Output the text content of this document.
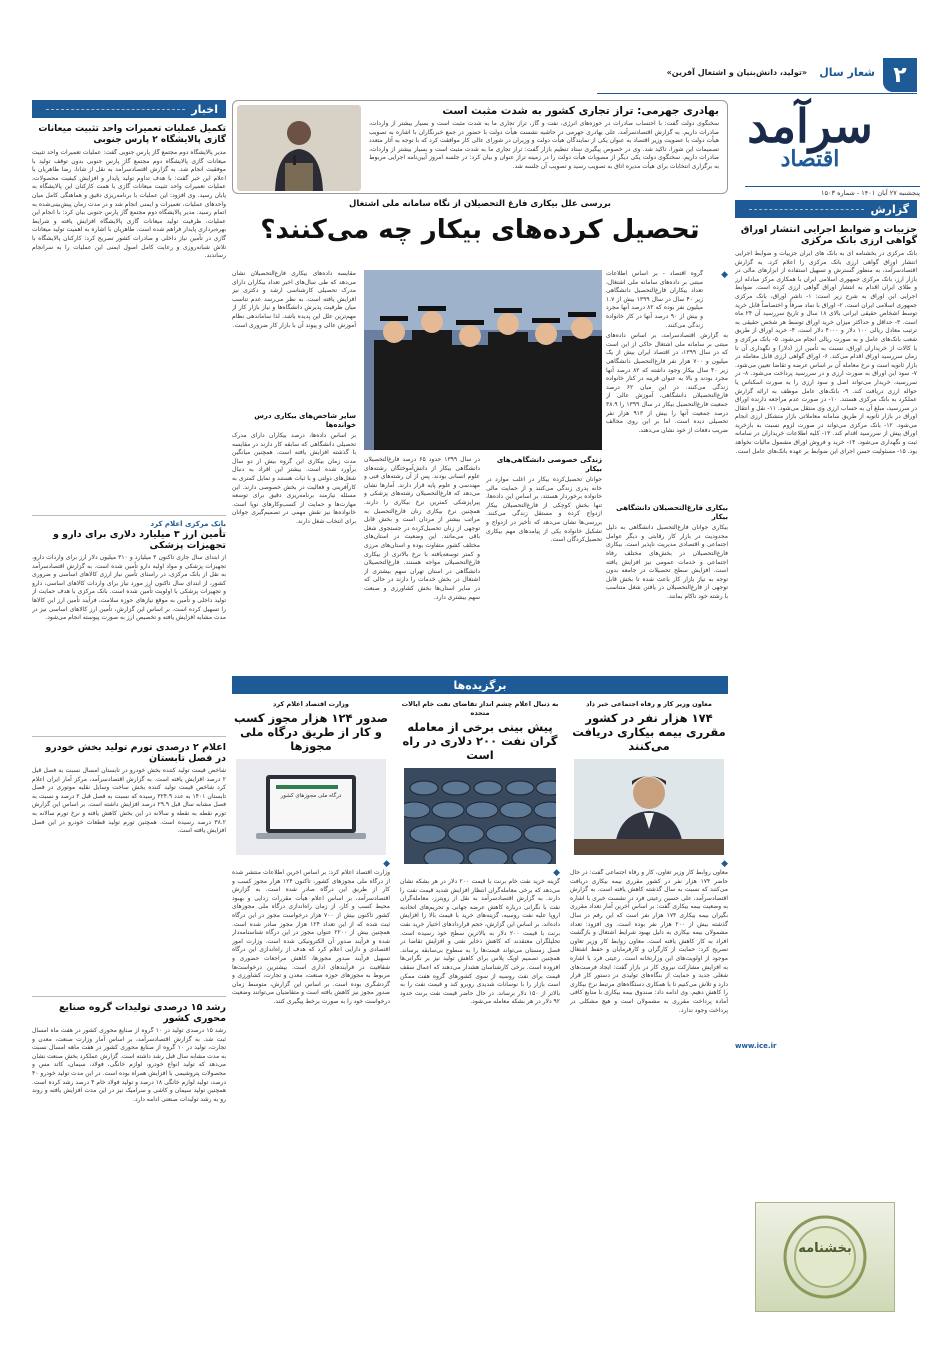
۲
شعار سال
«تولید، دانش‌بنیان و اشتغال آفرین»
سرآمد
اقتصاد
پنجشنبه ۲۷ آبان ۱۴۰۱ - شماره ۱۵۰۳
بهادری جهرمی: تراز تجاری کشور به شدت مثبت است
سخنگوی دولت گفت: با احتساب صادرات در حوزه‌های انرژی، نفت و گاز، تراز تجاری ما به شدت مثبت است و بسیار بیشتر از واردات، صادرات داریم. به گزارش اقتصادسرآمد، علی بهادری جهرمی در حاشیه نشست هیأت دولت با حضور در جمع خبرنگاران با اشاره به تصویب هیأت دولت با عضویت وزیر اقتصاد به عنوان یکی از نمایندگان هیأت دولت و وزیران در شورای عالی کار موافقت کرد که با توجه به آثار متعدد تصمیمات این شورا، تاکید شد. وی در خصوص پیگیری ستاد تنظیم بازار گفت: تراز تجاری ما به شدت مثبت است و بسیار بیشتر از واردات، صادرات داریم. سخنگوی دولت یکی دیگر از مصوبات هیأت دولت را در زمینه تراز عنوان و بیان کرد: در جلسه امروز آیین‌نامه اجرایی مربوط به برگزاری انتخابات برای هیأت مدیره اتاق به تصویب رسید و تصویب آن جلسه شد.
اخبار
تکمیل عملیات تعمیرات واحد تثبیت میعانات گازی پالایشگاه ۲ پارس جنوبی
مدیر پالایشگاه دوم مجتمع گاز پارس جنوبی گفت: عملیات تعمیرات واحد تثبیت میعانات گازی پالایشگاه دوم مجتمع گاز پارس جنوبی بدون توقف تولید با موفقیت انجام شد. به گزارش اقتصادسرآمد به نقل از شانا، رضا طاهریان با اعلام این خبر گفت: با هدف تداوم تولید پایدار و افزایش کیفیت محصولات، عملیات تعمیرات واحد تثبیت میعانات گازی با همت کارکنان این پالایشگاه به پایان رسید. وی افزود: این عملیات با برنامه‌ریزی دقیق و هماهنگی کامل میان واحدهای عملیات، تعمیرات و ایمنی انجام شد و در مدت زمان پیش‌بینی‌شده به اتمام رسید. مدیر پالایشگاه دوم مجتمع گاز پارس جنوبی بیان کرد: با انجام این عملیات، ظرفیت تولید میعانات گازی پالایشگاه افزایش یافته و شرایط بهره‌برداری پایدار فراهم شده است. طاهریان با اشاره به اهمیت تولید میعانات گازی در تأمین نیاز داخلی و صادرات کشور تصریح کرد: کارکنان پالایشگاه با تلاش شبانه‌روزی و رعایت کامل اصول ایمنی این عملیات را به سرانجام رساندند.
بانک مرکزی اعلام کرد
تأمین ارز ۳ میلیارد دلاری برای دارو و تجهیزات پزشکی
از ابتدای سال جاری تاکنون ۳ میلیارد و ۳۱۰ میلیون دلار ارز برای واردات دارو، تجهیزات پزشکی و مواد اولیه دارو تأمین شده است. به گزارش اقتصادسرآمد به نقل از بانک مرکزی، در راستای تأمین نیاز ارزی کالاهای اساسی و ضروری کشور، از ابتدای سال تاکنون ارز مورد نیاز برای واردات کالاهای اساسی، دارو و تجهیزات پزشکی با اولویت تأمین شده است. بانک مرکزی با هدف حمایت از تولید داخلی و تأمین به موقع نیازهای حوزه سلامت، فرآیند تأمین ارز این کالاها را تسهیل کرده است. بر اساس این گزارش، تأمین ارز کالاهای اساسی نیز در مدت مشابه افزایش یافته و تخصیص ارز به صورت پیوسته انجام می‌شود.
اعلام ۲ درصدی تورم تولید بخش خودرو در فصل تابستان
شاخص قیمت تولید کننده بخش خودرو در تابستان امسال نسبت به فصل قبل ۲ درصد افزایش یافته است. به گزارش اقتصادسرآمد، مرکز آمار ایران اعلام کرد شاخص قیمت تولید کننده بخش ساخت وسایل نقلیه موتوری در فصل تابستان ۱۴۰۱ به عدد ۳۲۴.۹ رسیده که نسبت به فصل قبل ۲ درصد و نسبت به فصل مشابه سال قبل ۲۹.۹ درصد افزایش داشته است. بر اساس این گزارش تورم نقطه به نقطه و سالانه در این بخش کاهش یافته و نرخ تورم سالانه به ۳۸.۲ درصد رسیده است. همچنین تورم تولید قطعات خودرو در این فصل افزایش یافته است.
رشد ۱۵ درصدی تولیدات گروه صنایع محوری کشور
رشد ۱۵ درصدی تولید در ۱۰ گروه از صنایع محوری کشور در هفت ماه امسال ثبت شد. به گزارش اقتصادسرآمد، بر اساس آمار وزارت صنعت، معدن و تجارت، تولید در ۱۰ گروه از صنایع محوری کشور در هفت ماهه امسال نسبت به مدت مشابه سال قبل رشد داشته است. گزارش عملکرد بخش صنعت نشان می‌دهد که تولید انواع خودرو، لوازم خانگی، فولاد، سیمان، کاتد مس و محصولات پتروشیمی با افزایش همراه بوده است. در این مدت تولید خودرو ۴۰ درصد، تولید لوازم خانگی ۱۸ درصد و تولید فولاد خام ۴ درصد رشد کرده است. همچنین تولید سیمان و کاشی و سرامیک نیز در این مدت افزایش یافته و روند رو به رشد تولیدات صنعتی ادامه دارد.
گزارش
جزییات و ضوابط اجرایی انتشار اوراق گواهی ارزی بانک مرکزی
بانک مرکزی در بخشنامه ای به بانک های ایران جزییات و ضوابط اجرایی انتشار اوراق گواهی ارزی بانک مرکزی را اعلام کرد. به گزارش اقتصادسرآمد، به منظور گسترش و تسهیل استفاده از ابزارهای مالی در بازار ارز، بانک مرکزی جمهوری اسلامی ایران با همکاری مرکز مبادله ارز و طلای ایران اقدام به انتشار اوراق گواهی ارزی کرده است. ضوابط اجرایی این اوراق به شرح زیر است: ۱- ناشر اوراق، بانک مرکزی جمهوری اسلامی ایران است. ۲- اوراق با نماد صرفاً و اختصاصاً قابل خرید توسط اشخاص حقیقی ایرانی بالای ۱۸ سال و تاریخ سررسید آن ۲۴ ماه است. ۳- حداقل و حداکثر میزان خرید اوراق توسط هر شخص حقیقی به ترتیب معادل ریالی ۱۰۰ دلار و ۴۰۰۰ دلار است. ۴- خرید اوراق از طریق شعب بانک‌های عامل و به صورت ریالی انجام می‌شود. ۵- بانک مرکزی و یا کالات از خریداران اوراق، نسبت به تأمین ارز (دلار) و نگهداری آن تا زمان سررسید اوراق اقدام می‌کند. ۶- اوراق گواهی ارزی قابل معامله در بازار ثانویه است و نرخ معامله آن بر اساس عرضه و تقاضا تعیین می‌شود. ۷- سود این اوراق به صورت ارزی و در سررسید پرداخت می‌شود. ۸- در سررسید، خریدار می‌تواند اصل و سود ارزی را به صورت اسکناس یا حواله ارزی دریافت کند. ۹- بانک‌های عامل موظف به ارائه گزارش عملکرد به بانک مرکزی هستند. ۱۰- در صورت عدم مراجعه دارنده اوراق در سررسید، مبلغ آن به حساب ارزی وی منتقل می‌شود. ۱۱- نقل و انتقال اوراق در بازار ثانویه از طریق سامانه معاملاتی بازار متشکل ارزی انجام می‌شود. ۱۲- بانک مرکزی می‌تواند در صورت لزوم نسبت به بازخرید اوراق پیش از سررسید اقدام کند. ۱۳- کلیه اطلاعات خریداران در سامانه ثبت و نگهداری می‌شود. ۱۴- خرید و فروش اوراق مشمول مالیات نخواهد بود. ۱۵- مسئولیت حسن اجرای این ضوابط بر عهده بانک‌های عامل است.
www.ice.ir
بخشنامه
بررسی علل بیکاری فارغ التحصیلان از نگاه سامانه ملی اشتغال
تحصیل کرده‌های بیکار چه می‌کنند؟
◆
گروه اقتصاد - بر اساس اطلاعات مبتنی بر داده‌های سامانه ملی اشتغال، تعداد بیکاران فارغ‌التحصیل دانشگاهی زیر ۴۰ سال در سال ۱۳۹۹ بیش از ۱.۷ میلیون نفر بوده که ۸۲ درصد آنها مجرد و بیش از ۹۰ درصد آنها در کار خانواده زندگی می‌کنند.
به گزارش اقتصادسرآمد، بر اساس داده‌های مبتنی بر سامانه ملی اشتغال حاکی از این است که در سال ۱۳۹۹، در اقتصاد ایران بیش از یک میلیون و ۷۰۰ هزار نفر فارغ‌التحصیل دانشگاهی زیر ۴۰ سال بیکار وجود داشته که ۸۲ درصد آنها مجرد بودند و بالا به عنوان قرینه در کنار خانواده زندگی می‌کنند. در این میان ۶۲ درصد فارغ‌التحصیلان دانشگاهی، آموزش عالی از جمعیت فارغ‌التحصیل بیکار در سال ۱۳۹۹ را ۳۸.۹ درصد جمعیت آنها را بیش از ۹۱۳ هزار نفر تحصیلی دیده است. اما بر این روی مخالف ضریب دفعات از خود نشان می‌دهند.
بیکاری فارغ‌التحصیلان دانشگاهی بیکار
بیکاری جوانان فارغ‌التحصیل دانشگاهی به دلیل محدودیت در بازار کار رقابتی و دیگر عوامل اجتماعی و اقتصادی مدیریت ناپذیر است. بیکاری فارغ‌التحصیلان در بخش‌های مختلف رفاه اجتماعی و خدمات عمومی نیز افزایش یافته است. افزایش سطح تحصیلات در جامعه بدون توجه به نیاز بازار کار باعث شده تا بخش قابل توجهی از فارغ‌التحصیلان در یافتن شغل متناسب با رشته خود ناکام بمانند.
مقایسه داده‌های بیکاری فارغ‌التحصیلان نشان می‌دهد که طی سال‌های اخیر تعداد بیکاران دارای مدرک تحصیلی کارشناسی ارشد و دکتری نیز افزایش یافته است. به نظر می‌رسد عدم تناسب میان ظرفیت پذیرش دانشگاه‌ها و نیاز بازار کار از مهم‌ترین علل این پدیده باشد. لذا ساماندهی نظام آموزش عالی و پیوند آن با بازار کار ضروری است.
سایر شاخص‌های بیکاری درس خوانده‌ها
بر اساس داده‌ها، درصد بیکاران دارای مدرک تحصیلی دانشگاهی که سابقه کار دارند در مقایسه با گذشته افزایش یافته است. همچنین میانگین مدت زمان بیکاری این گروه بیش از دو سال برآورد شده است. بیشتر این افراد به دنبال شغل‌های دولتی و با ثبات هستند و تمایل کمتری به کارآفرینی و فعالیت در بخش خصوصی دارند. این مسئله نیازمند برنامه‌ریزی دقیق برای توسعه مهارت‌ها و حمایت از کسب‌وکارهای نوپا است. خانواده‌ها نیز نقش مهمی در تصمیم‌گیری جوانان برای انتخاب شغل دارند.
زندگی خصوصی دانشگاهی‌های بیکار
جوانان تحصیل‌کرده بیکار در اغلب موارد در خانه پدری زندگی می‌کنند و از حمایت مالی خانواده برخوردار هستند. بر اساس این داده‌ها، تنها بخش کوچکی از فارغ‌التحصیلان بیکار ازدواج کرده و مستقل زندگی می‌کنند. بررسی‌ها نشان می‌دهد که تأخیر در ازدواج و تشکیل خانواده یکی از پیامدهای مهم بیکاری تحصیل‌کردگان است.
در سال ۱۳۹۹ حدود ۶۵ درصد فارغ‌التحصیلان دانشگاهی بیکار از دانش‌آموختگان رشته‌های علوم انسانی بودند. پس از آن رشته‌های فنی و مهندسی و علوم پایه قرار دارند. آمارها نشان می‌دهد که فارغ‌التحصیلان رشته‌های پزشکی و پیراپزشکی کمترین نرخ بیکاری را دارند. همچنین نرخ بیکاری زنان فارغ‌التحصیل به مراتب بیشتر از مردان است و بخش قابل توجهی از زنان تحصیل‌کرده در جستجوی شغل باقی می‌مانند. این وضعیت در استان‌های مختلف کشور متفاوت بوده و استان‌های مرزی و کمتر توسعه‌یافته با نرخ بالاتری از بیکاری فارغ‌التحصیلان مواجه هستند. فارغ‌التحصیلان دانشگاهی در استان تهران سهم بیشتری از اشتغال در بخش خدمات را دارند در حالی که در سایر استان‌ها بخش کشاورزی و صنعت سهم بیشتری دارد.
برگزیده‌ها
معاون وزیر کار و رفاه اجتماعی خبر داد
۱۷۴ هزار نفر در کشور مقرری بیمه بیکاری دریافت می‌کنند
◆
معاون روابط کار وزیر تعاون، کار و رفاه اجتماعی گفت: در حال حاضر ۱۷۴ هزار نفر در کشور مقرری بیمه بیکاری دریافت می‌کنند که نسبت به سال گذشته کاهش یافته است. به گزارش اقتصادسرآمد، علی حسین رعیتی فرد در نشست خبری با اشاره به وضعیت بیمه بیکاری گفت: بر اساس آخرین آمار تعداد مقرری بگیران بیمه بیکاری ۱۷۴ هزار نفر است که این رقم در سال گذشته بیش از ۲۰۰ هزار نفر بوده است. وی افزود: تعداد مشمولان بیمه بیکاری به دلیل بهبود شرایط اشتغال و بازگشت افراد به کار کاهش یافته است. معاون روابط کار وزیر تعاون تصریح کرد: حمایت از کارگران و کارفرمایان و حفظ اشتغال موجود از اولویت‌های این وزارتخانه است. رعیتی فرد با اشاره به افزایش مشارکت نیروی کار در بازار گفت: ایجاد فرصت‌های شغلی جدید و حمایت از بنگاه‌های تولیدی در دستور کار قرار دارد و تلاش می‌کنیم تا با همکاری دستگاه‌های مرتبط نرخ بیکاری را کاهش دهیم. وی ادامه داد: صندوق بیمه بیکاری با منابع کافی آماده پرداخت مقرری به مشمولان است و هیچ مشکلی در پرداخت وجود ندارد.
به دنبال اعلام چشم انداز تقاضای نفت خام ایالات متحده
پیش بینی برخی از معامله گران نفت ۲۰۰ دلاری در راه است
◆
گزینه خرید نفت خام برنت با قیمت ۲۰۰ دلار در هر بشکه نشان می‌دهد که برخی معامله‌گران انتظار افزایش شدید قیمت نفت را دارند. به گزارش اقتصادسرآمد به نقل از رویترز، معامله‌گران نفت با نگرانی درباره کاهش عرضه جهانی و تحریم‌های اتحادیه اروپا علیه نفت روسیه، گزینه‌های خرید با قیمت بالا را افزایش داده‌اند. بر اساس این گزارش، حجم قراردادهای اختیار خرید نفت برنت با قیمت ۲۰۰ دلار به بالاترین سطح خود رسیده است. تحلیلگران معتقدند که کاهش ذخایر نفتی و افزایش تقاضا در فصل زمستان می‌تواند قیمت‌ها را به سطوح بی‌سابقه برساند. همچنین تصمیم اوپک پلاس برای کاهش تولید نیز بر نگرانی‌ها افزوده است. برخی کارشناسان هشدار می‌دهند که اعمال سقف قیمت برای نفت روسیه از سوی کشورهای گروه هفت ممکن است بازار را با نوسانات شدیدی روبرو کند و قیمت نفت را به بالاتر از ۱۵۰ دلار برساند. در حال حاضر قیمت نفت برنت حدود ۹۲ دلار در هر بشکه معامله می‌شود.
وزارت اقتصاد اعلام کرد
صدور ۱۲۴ هزار مجوز کسب و کار از طریق درگاه ملی مجوزها
درگاه ملی مجوزهای کشور
◆
وزارت اقتصاد اعلام کرد: بر اساس آخرین اطلاعات منتشر شده از درگاه ملی مجوزهای کشور، تاکنون ۱۲۴ هزار مجوز کسب و کار از طریق این درگاه صادر شده است. به گزارش اقتصادسرآمد، بر اساس اعلام هیأت مقررات زدایی و بهبود محیط کسب و کار، از زمان راه‌اندازی درگاه ملی مجوزهای کشور تاکنون بیش از ۷۰۰ هزار درخواست مجوز در این درگاه ثبت شده که از این تعداد ۱۲۴ هزار مجوز صادر شده است. همچنین بیش از ۲۲۰۰ عنوان مجوز در این درگاه شناسنامه‌دار شده و فرآیند صدور آن الکترونیکی شده است. وزارت امور اقتصادی و دارایی اعلام کرد که هدف از راه‌اندازی این درگاه تسهیل فرآیند صدور مجوزها، کاهش مراجعات حضوری و شفافیت در فرآیندهای اداری است. بیشترین درخواست‌ها مربوط به مجوزهای حوزه صنعت، معدن و تجارت، کشاورزی و گردشگری بوده است. بر اساس این گزارش، متوسط زمان صدور مجوز نیز کاهش یافته است و متقاضیان می‌توانند وضعیت درخواست خود را به صورت برخط پیگیری کنند.
